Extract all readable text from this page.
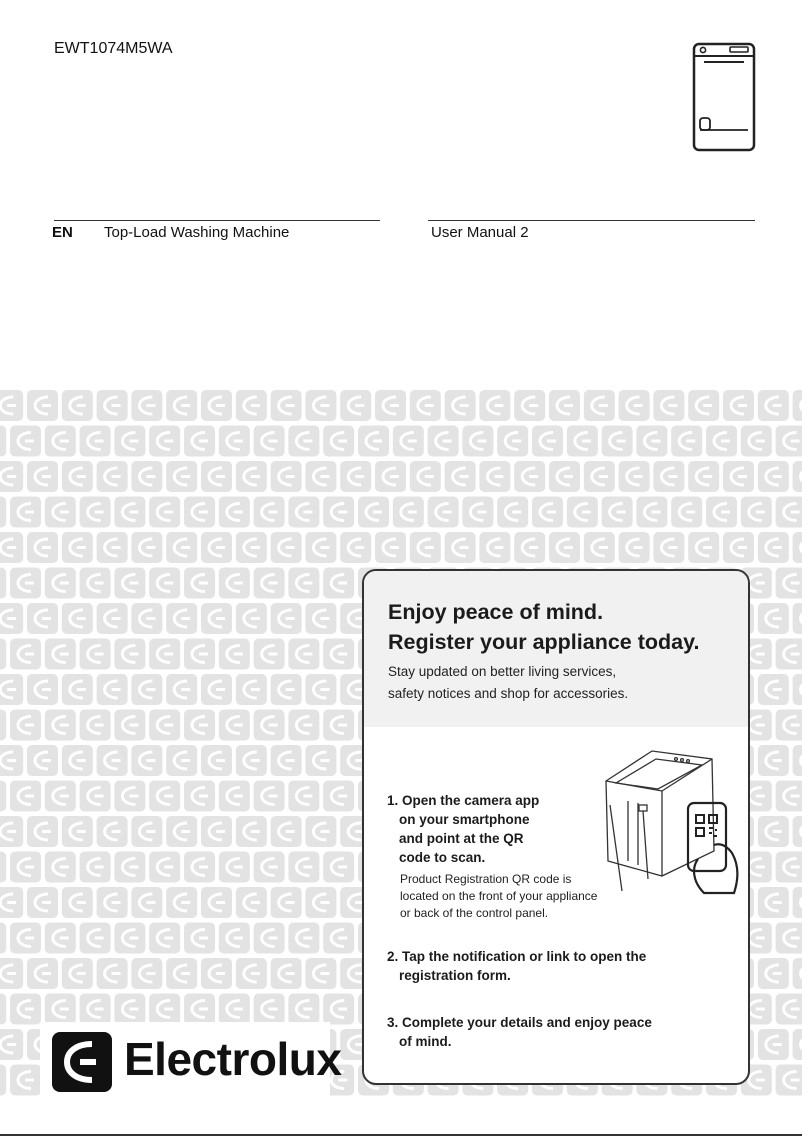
EWT1074M5WA
EN Top-Load Washing Machine	User Manual 2
Electrolux
Enjoy peace of mind.
Register your appliance today.

Stay updated on better living services,
safety notices and shop for accessories.

1. Open the camera app
on your smartphone
and point at the QR
code to scan.

Product Registration QR code is
located on the front of your appliance
or back of the control panel.

2. Tap the notification or link to open the
registration form.

3. Complete your details and enjoy peace
of mind.
